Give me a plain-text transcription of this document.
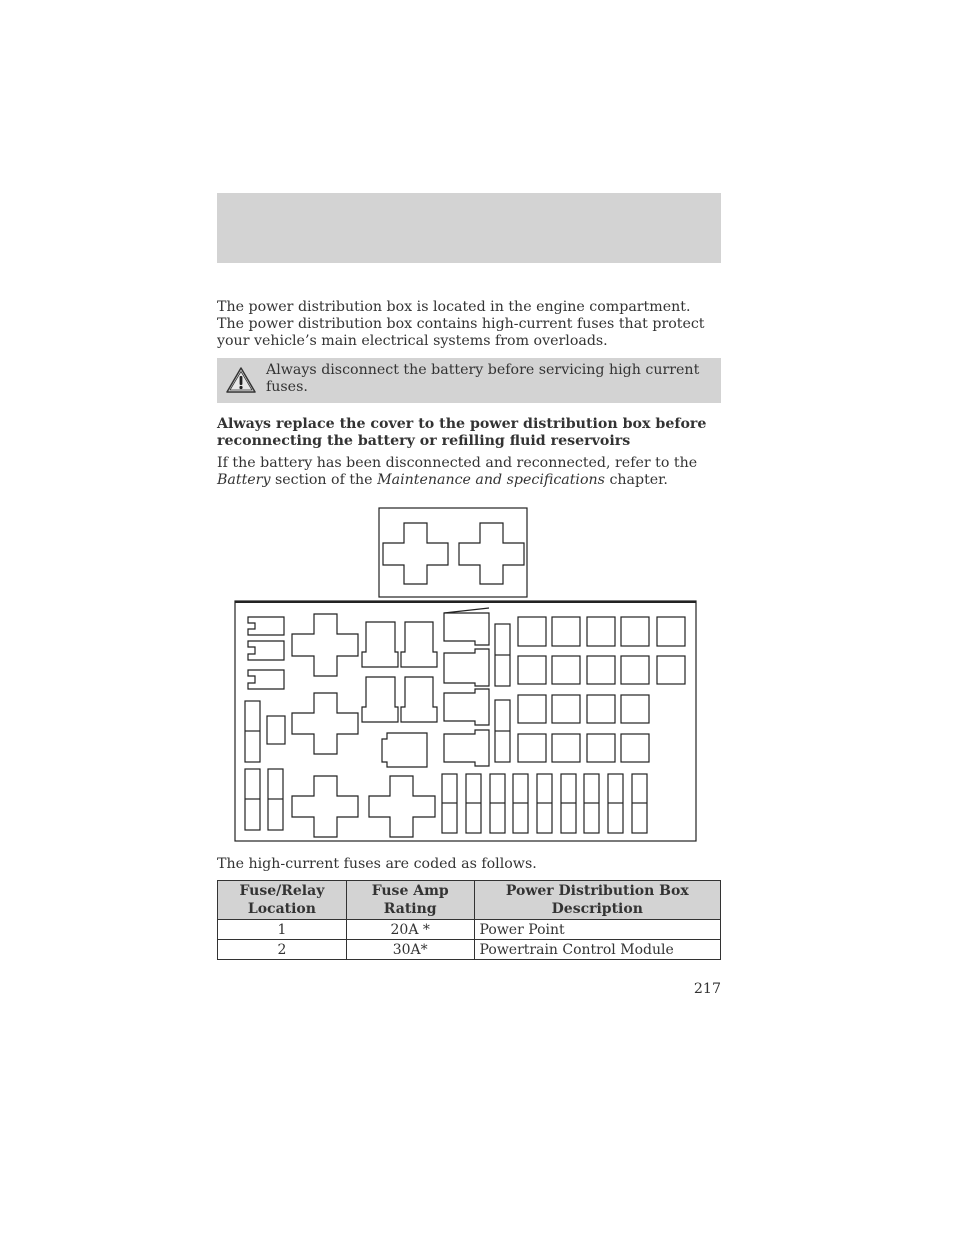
The power distribution box is located in the engine compartment. The power distribution box contains high-current fuses that protect your vehicle’s main electrical systems from overloads.
Always disconnect the battery before servicing high current fuses.
Always replace the cover to the power distribution box before reconnecting the battery or refilling fluid reservoirs
If the battery has been disconnected and reconnected, refer to the Battery section of the Maintenance and specifications chapter.
The high-current fuses are coded as follows.
Fuse/Relay Location	Fuse Amp Rating	Power Distribution Box Description
1	20A *	Power Point
2	30A*	Powertrain Control Module
217
